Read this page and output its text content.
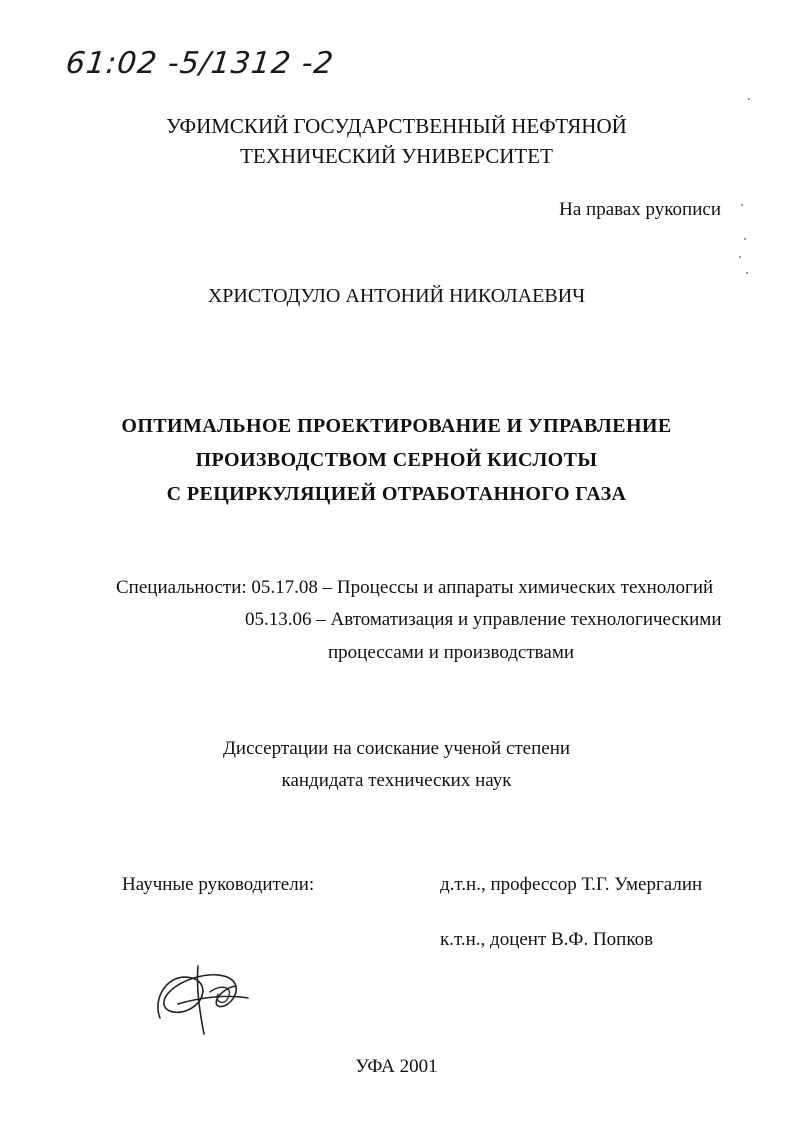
61:02 -5/1312 -2
УФИМСКИЙ ГОСУДАРСТВЕННЫЙ НЕФТЯНОЙ
ТЕХНИЧЕСКИЙ УНИВЕРСИТЕТ
На правах рукописи
ХРИСТОДУЛО АНТОНИЙ НИКОЛАЕВИЧ
ОПТИМАЛЬНОЕ ПРОЕКТИРОВАНИЕ И УПРАВЛЕНИЕ
ПРОИЗВОДСТВОМ СЕРНОЙ КИСЛОТЫ
С РЕЦИРКУЛЯЦИЕЙ ОТРАБОТАННОГО ГАЗА
Специальности: 05.17.08 – Процессы и аппараты химических технологий
05.13.06 – Автоматизация и управление технологическими
процессами и производствами
Диссертации на соискание ученой степени
кандидата технических наук
Научные руководители:	д.т.н., профессор Т.Г. Умергалин
к.т.н., доцент В.Ф. Попков
УФА 2001
